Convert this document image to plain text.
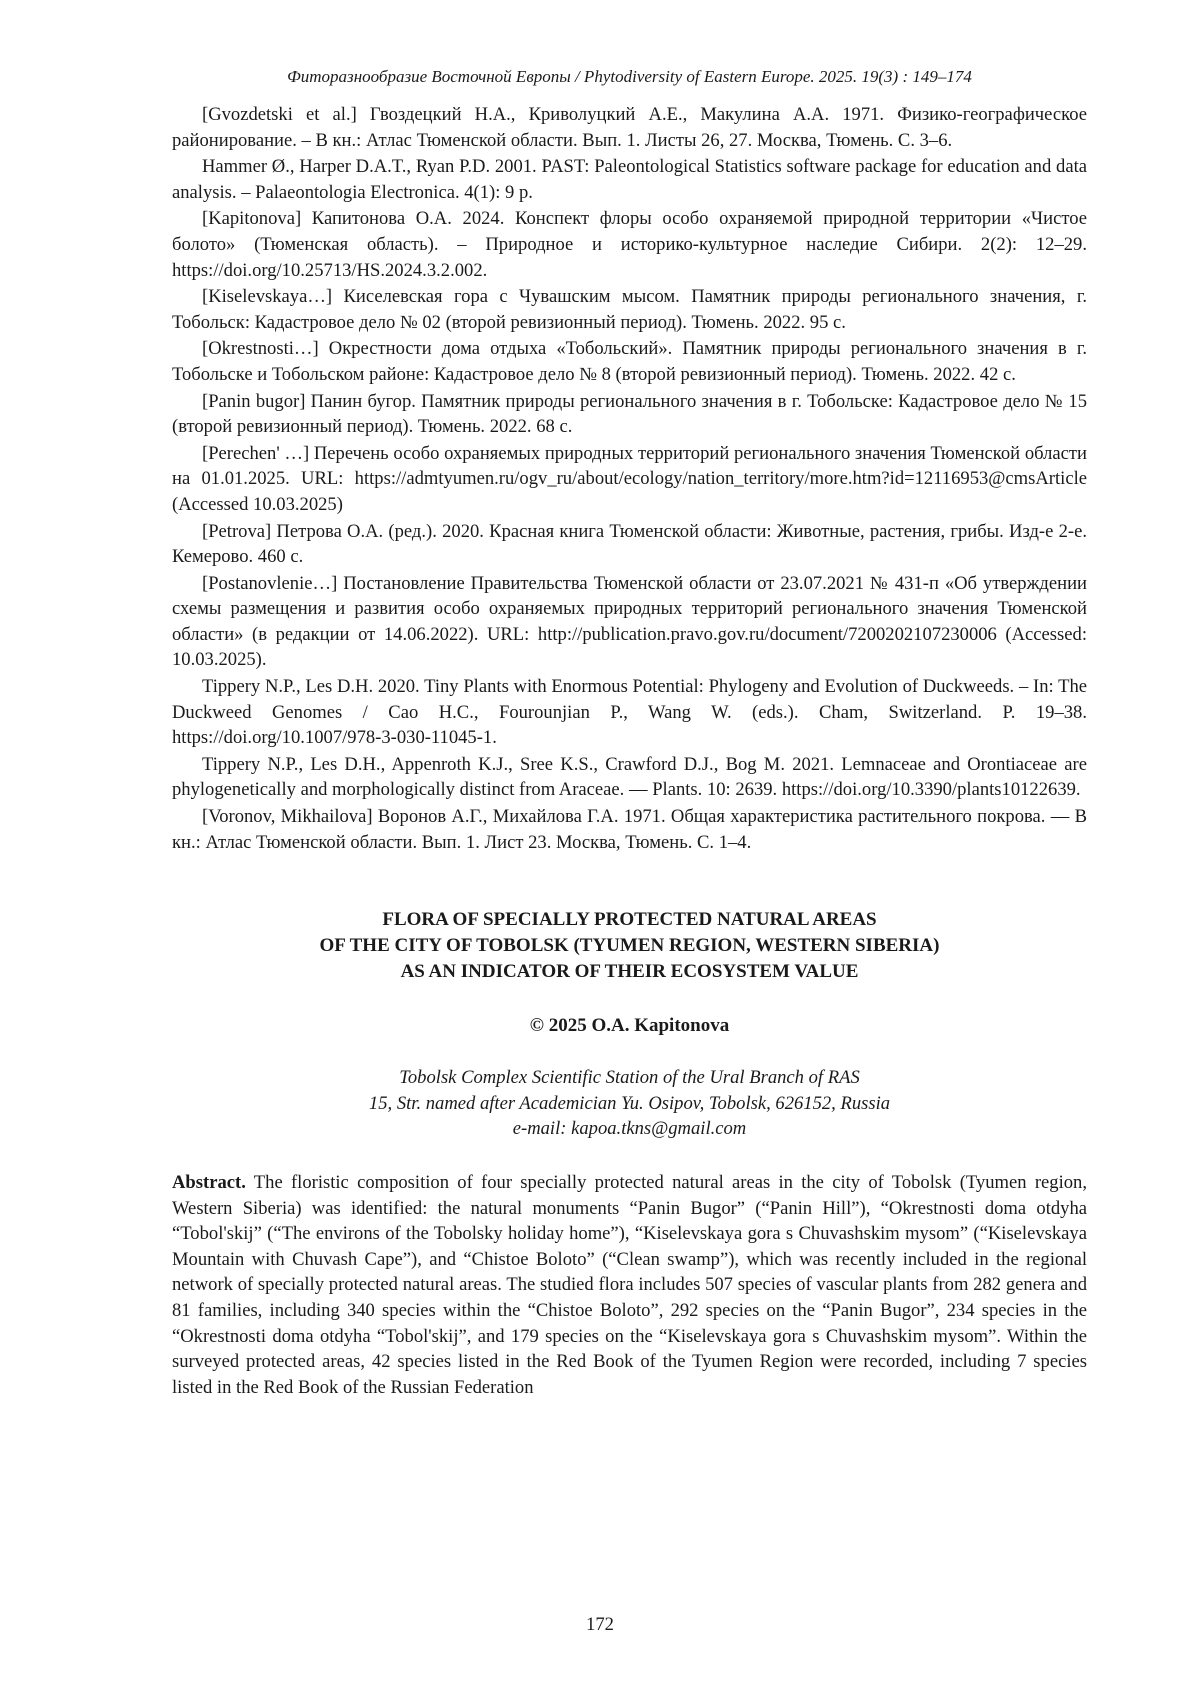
Фиторазнообразие Восточной Европы / Phytodiversity of Eastern Europe. 2025. 19(3) : 149–174

[Gvozdetski et al.] Гвоздецкий Н.А., Криволуцкий А.Е., Макулина А.А. 1971. Физико-географическое районирование. – В кн.: Атлас Тюменской области. Вып. 1. Листы 26, 27. Москва, Тюмень. С. 3–6.

Hammer Ø., Harper D.A.T., Ryan P.D. 2001. PAST: Paleontological Statistics software package for education and data analysis. – Palaeontologia Electronica. 4(1): 9 p.

[Kapitonova] Капитонова О.А. 2024. Конспект флоры особо охраняемой природной территории «Чистое болото» (Тюменская область). – Природное и историко-культурное наследие Сибири. 2(2): 12–29. https://doi.org/10.25713/HS.2024.3.2.002.

[Kiselevskaya…] Киселевская гора с Чувашским мысом. Памятник природы регионального значения, г. Тобольск: Кадастровое дело № 02 (второй ревизионный период). Тюмень. 2022. 95 с.

[Okrestnosti…] Окрестности дома отдыха «Тобольский». Памятник природы регионального значения в г. Тобольске и Тобольском районе: Кадастровое дело № 8 (второй ревизионный период). Тюмень. 2022. 42 с.

[Panin bugor] Панин бугор. Памятник природы регионального значения в г. Тобольске: Кадастровое дело № 15 (второй ревизионный период). Тюмень. 2022. 68 с.

[Perechen' …] Перечень особо охраняемых природных территорий регионального значения Тюменской области на 01.01.2025. URL: https://admtyumen.ru/ogv_ru/about/ecology/nation_territory/more.htm?id=12116953@cmsArticle (Accessed 10.03.2025)

[Petrova] Петрова О.А. (ред.). 2020. Красная книга Тюменской области: Животные, растения, грибы. Изд-е 2-е. Кемерово. 460 с.

[Postanovlenie…] Постановление Правительства Тюменской области от 23.07.2021 № 431-п «Об утверждении схемы размещения и развития особо охраняемых природных территорий регионального значения Тюменской области» (в редакции от 14.06.2022). URL: http://publication.pravo.gov.ru/document/7200202107230006 (Accessed: 10.03.2025).

Tippery N.P., Les D.H. 2020. Tiny Plants with Enormous Potential: Phylogeny and Evolution of Duckweeds. – In: The Duckweed Genomes / Cao H.C., Fourounjian P., Wang W. (eds.). Cham, Switzerland. P. 19–38. https://doi.org/10.1007/978-3-030-11045-1.

Tippery N.P., Les D.H., Appenroth K.J., Sree K.S., Crawford D.J., Bog M. 2021. Lemnaceae and Orontiaceae are phylogenetically and morphologically distinct from Araceae. — Plants. 10: 2639. https://doi.org/10.3390/plants10122639.

[Voronov, Mikhailova] Воронов А.Г., Михайлова Г.А. 1971. Общая характеристика растительного покрова. — В кн.: Атлас Тюменской области. Вып. 1. Лист 23. Москва, Тюмень. С. 1–4.

FLORA OF SPECIALLY PROTECTED NATURAL AREAS
OF THE CITY OF TOBOLSK (TYUMEN REGION, WESTERN SIBERIA)
AS AN INDICATOR OF THEIR ECOSYSTEM VALUE
© 2025 O.A. Kapitonova
Tobolsk Complex Scientific Station of the Ural Branch of RAS
15, Str. named after Academician Yu. Osipov, Tobolsk, 626152, Russia
e-mail: kapoa.tkns@gmail.com

Abstract. The floristic composition of four specially protected natural areas in the city of Tobolsk (Tyumen region, Western Siberia) was identified: the natural monuments “Panin Bugor” (“Panin Hill”), “Okrestnosti doma otdyha “Tobol'skij” (“The environs of the Tobolsky holiday home”), “Kiselevskaya gora s Chuvashskim mysom” (“Kiselevskaya Mountain with Chuvash Cape”), and “Chistoe Boloto” (“Clean swamp”), which was recently included in the regional network of specially protected natural areas. The studied flora includes 507 species of vascular plants from 282 genera and 81 families, including 340 species within the “Chistoe Boloto”, 292 species on the “Panin Bugor”, 234 species in the “Okrestnosti doma otdyha “Tobol'skij”, and 179 species on the “Kiselevskaya gora s Chuvashskim mysom”. Within the surveyed protected areas, 42 species listed in the Red Book of the Tyumen Region were recorded, including 7 species listed in the Red Book of the Russian Federation

172
